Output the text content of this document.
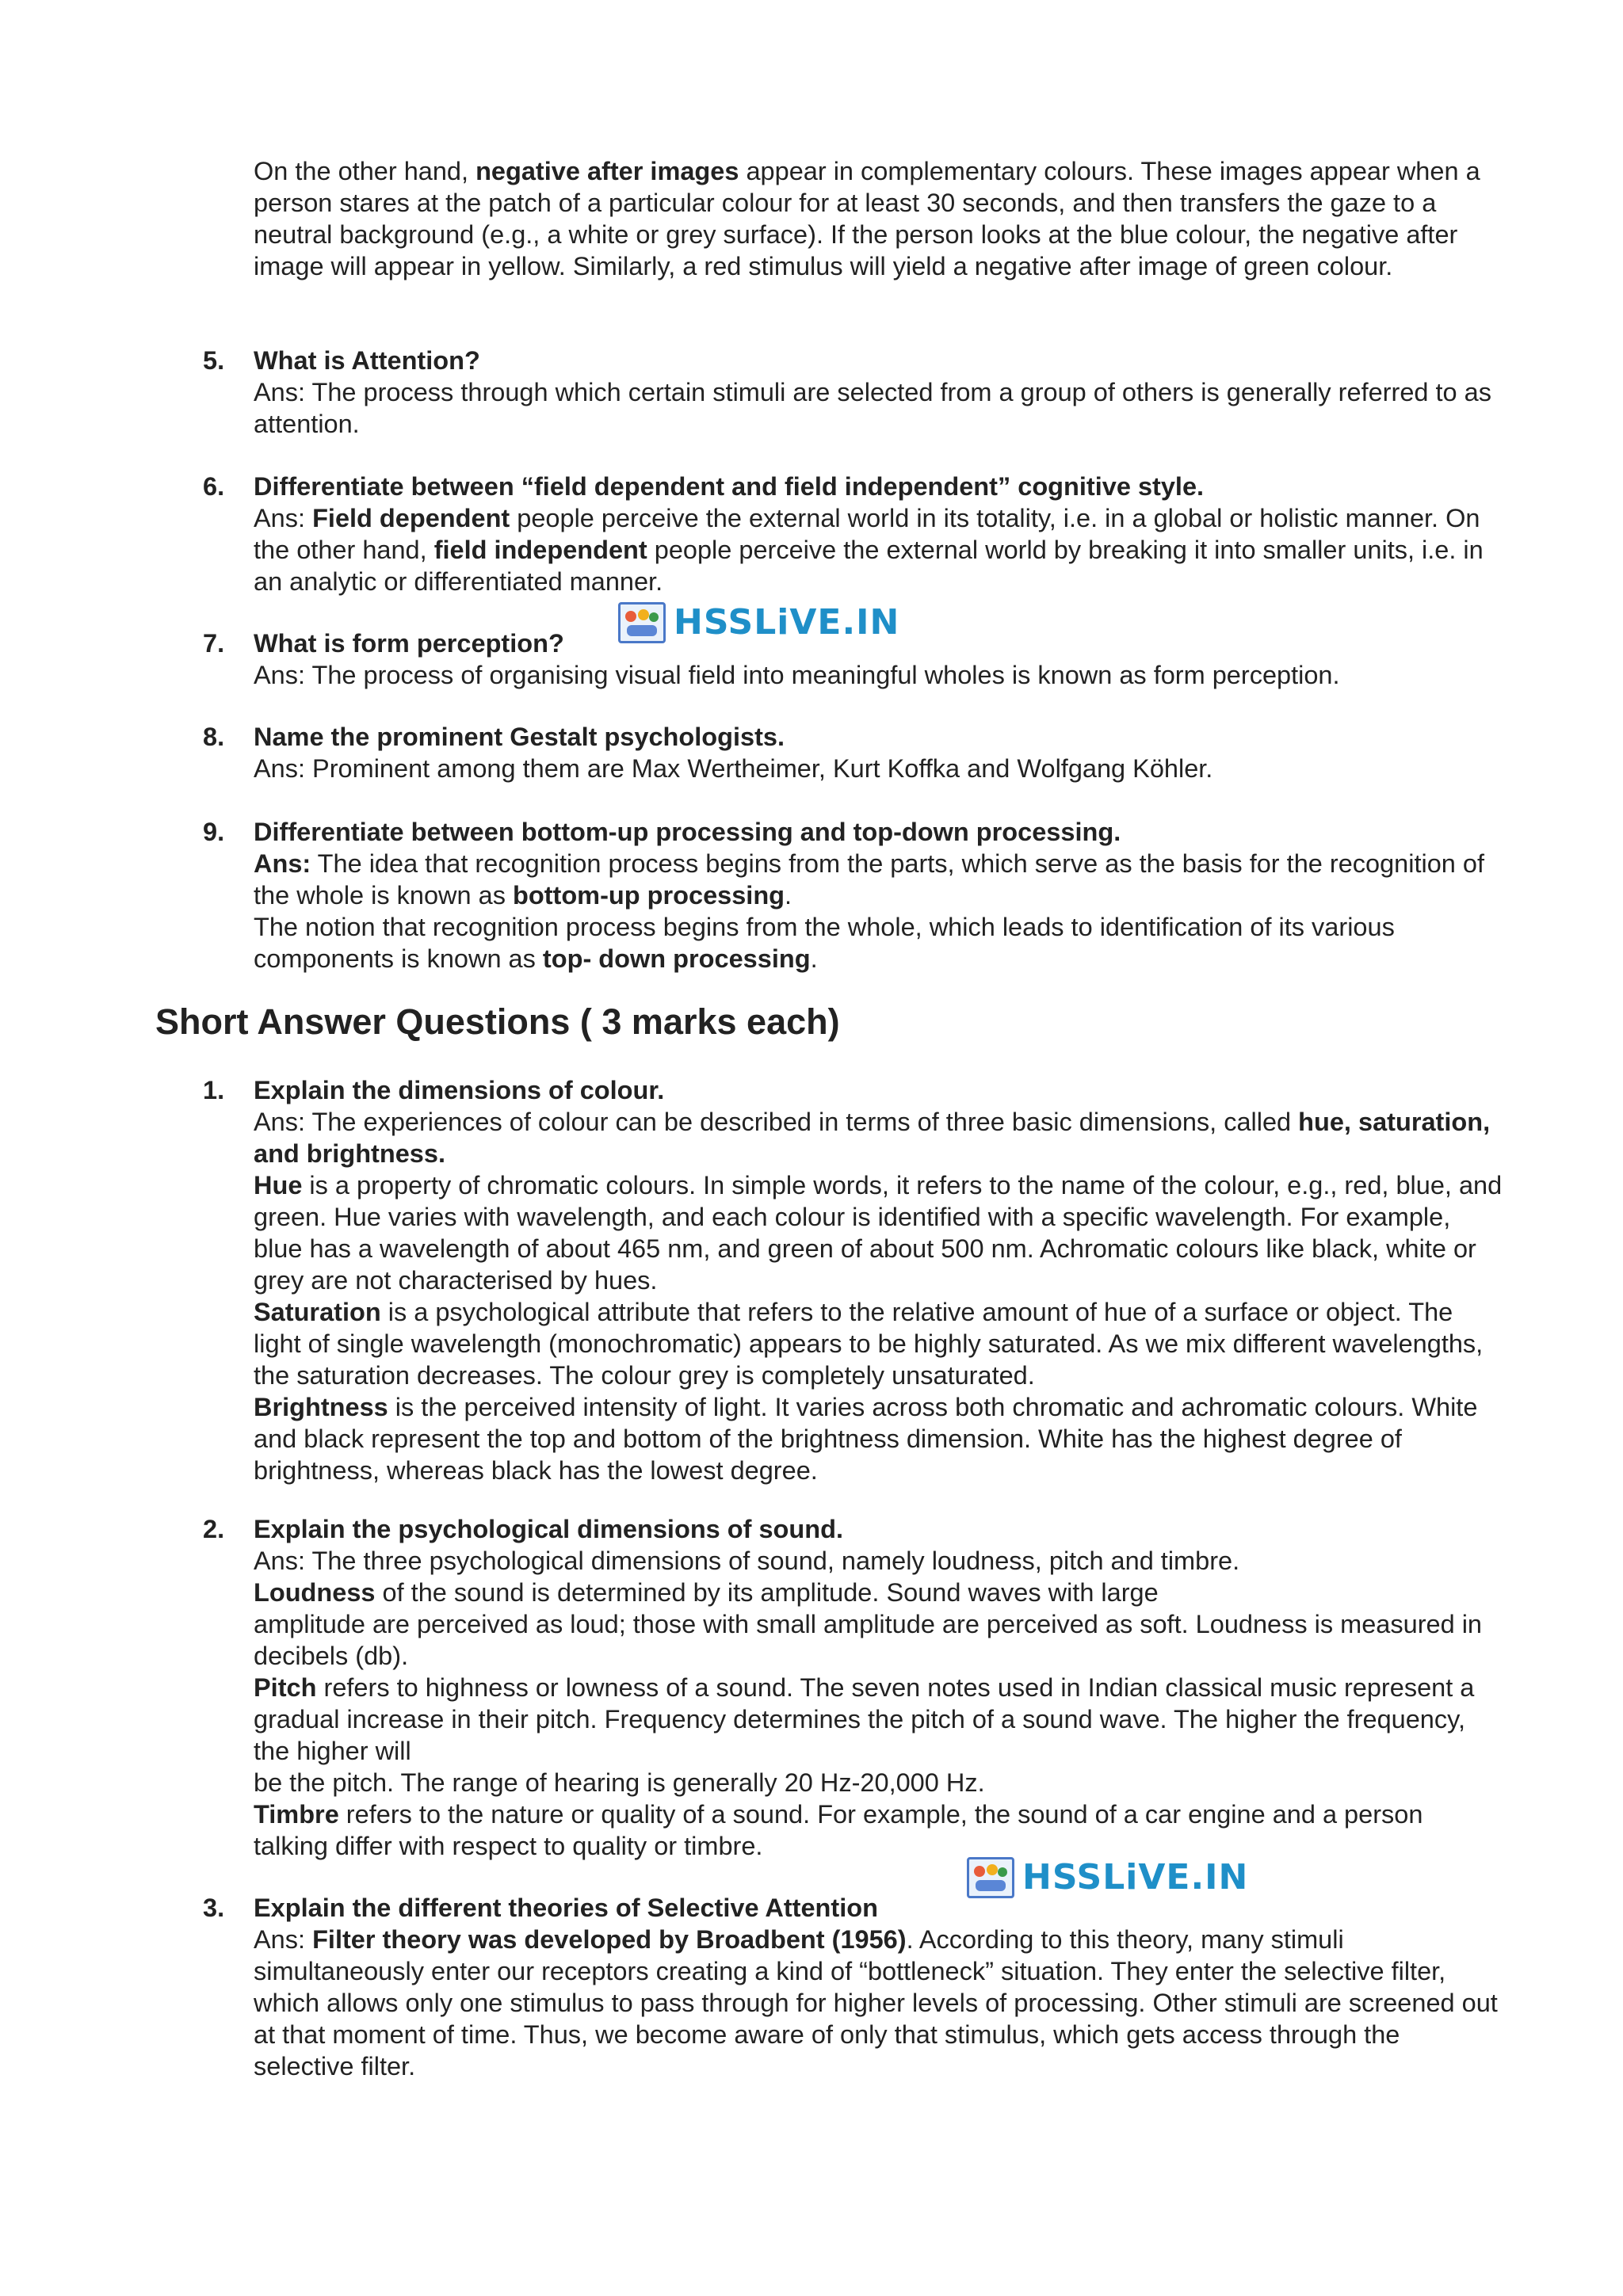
On the other hand, negative after images appear in complementary colours. These images appear when a person stares at the patch of a particular colour for at least 30 seconds, and then transfers the gaze to a neutral background (e.g., a white or grey surface). If the person looks at the blue colour, the negative after image will appear in yellow. Similarly, a red stimulus will yield a negative after image of green colour.
5.	What is Attention?
Ans: The process through which certain stimuli are selected from a group of others is generally referred to as attention.
6.	Differentiate between “field dependent and field independent” cognitive style.
Ans: Field dependent people perceive the external world in its totality, i.e. in a global or holistic manner. On the other hand, field independent people perceive the external world by breaking it into smaller units, i.e. in an analytic or differentiated manner.
7.	What is form perception?
Ans: The process of organising visual field into meaningful wholes is known as form perception.
HSSLiVE.IN
8.	Name the prominent Gestalt psychologists.
Ans: Prominent among them are Max Wertheimer, Kurt Koffka and Wolfgang Köhler.
9.	Differentiate between bottom-up processing and top-down processing.
Ans: The idea that recognition process begins from the parts, which serve as the basis for the recognition of the whole is known as bottom-up processing.
The notion that recognition process begins from the whole, which leads to identification of its various components is known as top- down processing.
Short Answer Questions ( 3 marks each)
1.	Explain the dimensions of colour.
Ans: The experiences of colour can be described in terms of three basic dimensions, called hue, saturation, and brightness.
Hue is a property of chromatic colours. In simple words, it refers to the name of the colour, e.g., red, blue, and green. Hue varies with wavelength, and each colour is identified with a specific wavelength. For example, blue has a wavelength of about 465 nm, and green of about 500 nm. Achromatic colours like black, white or grey are not characterised by hues.
Saturation is a psychological attribute that refers to the relative amount of hue of a surface or object. The light of single wavelength (monochromatic) appears to be highly saturated. As we mix different wavelengths, the saturation decreases. The colour grey is completely unsaturated.
Brightness is the perceived intensity of light. It varies across both chromatic and achromatic colours. White and black represent the top and bottom of the brightness dimension. White has the highest degree of brightness, whereas black has the lowest degree.
2.	Explain the psychological dimensions of sound.
Ans: The three psychological dimensions of sound, namely loudness, pitch and timbre.
Loudness of the sound is determined by its amplitude. Sound waves with large
amplitude are perceived as loud; those with small amplitude are perceived as soft. Loudness is measured in decibels (db).
Pitch refers to highness or lowness of a sound. The seven notes used in Indian classical music represent a gradual increase in their pitch. Frequency determines the pitch of a sound wave. The higher the frequency, the higher will
be the pitch. The range of hearing is generally 20 Hz-20,000 Hz.
Timbre refers to the nature or quality of a sound. For example, the sound of a car engine and a person talking differ with respect to quality or timbre.
HSSLiVE.IN
3.	Explain the different theories of Selective Attention
Ans: Filter theory was developed by Broadbent (1956). According to this theory, many stimuli simultaneously enter our receptors creating a kind of “bottleneck” situation. They enter the selective filter, which allows only one stimulus to pass through for higher levels of processing. Other stimuli are screened out at that moment of time. Thus, we become aware of only that stimulus, which gets access through the selective filter.
